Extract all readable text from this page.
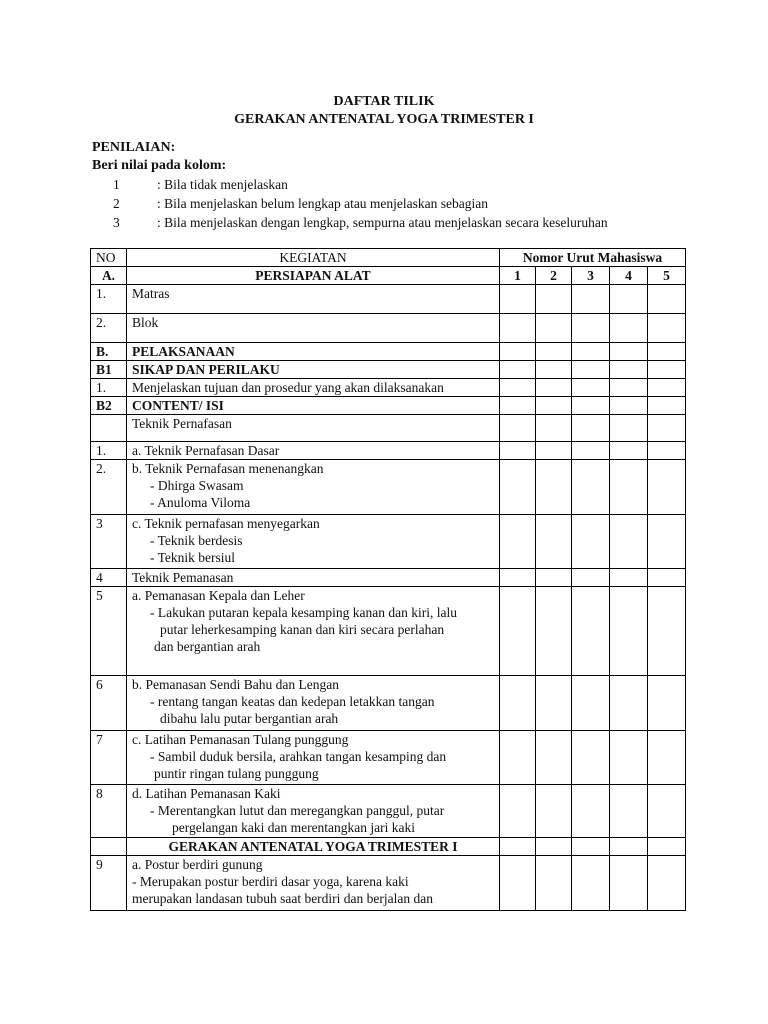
DAFTAR TILIK
GERAKAN ANTENATAL YOGA TRIMESTER I
PENILAIAN:
Beri nilai pada kolom:
1	: Bila tidak menjelaskan
2	: Bila menjelaskan belum lengkap atau menjelaskan sebagian
3	: Bila menjelaskan dengan lengkap, sempurna atau menjelaskan secara keseluruhan
NO	KEGIATAN	Nomor Urut Mahasiswa				
A.	PERSIAPAN ALAT	1	2	3	4	5
1.	Matras					
2.	Blok					
B.	PELAKSANAAN					
B1	SIKAP DAN PERILAKU					
1.	Menjelaskan tujuan dan prosedur yang akan dilaksanakan					
B2	CONTENT/ ISI					
	Teknik Pernafasan					
1.	a. Teknik Pernafasan Dasar					
2.	b. Teknik Pernafasan menenangkan
- Dhirga Swasam
- Anuloma Viloma					

3	c. Teknik pernafasan menyegarkan
- Teknik berdesis
- Teknik bersiul					

4	Teknik Pemanasan					
5	a. Pemanasan Kepala dan Leher
- Lakukan putaran kepala kesamping kanan dan kiri, lalu
putar leherkesamping kanan dan kiri secara perlahan
dan bergantian arah					

6	b. Pemanasan Sendi Bahu dan Lengan
- rentang tangan keatas dan kedepan letakkan tangan
dibahu lalu putar bergantian arah					

7	c. Latihan Pemanasan Tulang punggung
- Sambil duduk bersila, arahkan tangan kesamping dan
puntir ringan tulang punggung					

8	d. Latihan Pemanasan Kaki
- Merentangkan lutut dan meregangkan panggul, putar
pergelangan kaki dan merentangkan jari kaki					

	GERAKAN ANTENATAL YOGA TRIMESTER I					
9	a. Postur berdiri gunung
- Merupakan postur berdiri dasar yoga, karena kaki
merupakan landasan tubuh saat berdiri dan berjalan dan					
